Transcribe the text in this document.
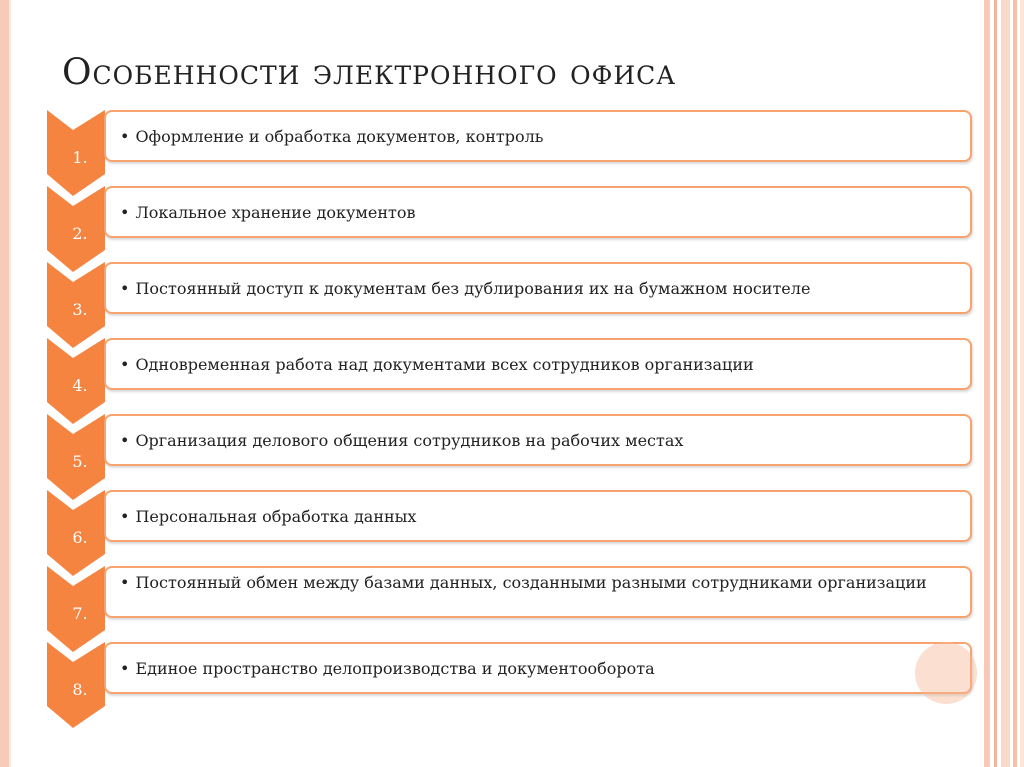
Особенности электронного офиса
1.
• Оформление и обработка документов, контроль
2.
• Локальное хранение документов
3.
• Постоянный доступ к документам без дублирования их на бумажном носителе
4.
• Одновременная работа над документами всех сотрудников организации
5.
• Организация делового общения сотрудников на рабочих местах
6.
• Персональная обработка данных
7.
• Постоянный обмен между базами данных, созданными разными сотрудниками организации
8.
• Единое пространство делопроизводства и документооборота
